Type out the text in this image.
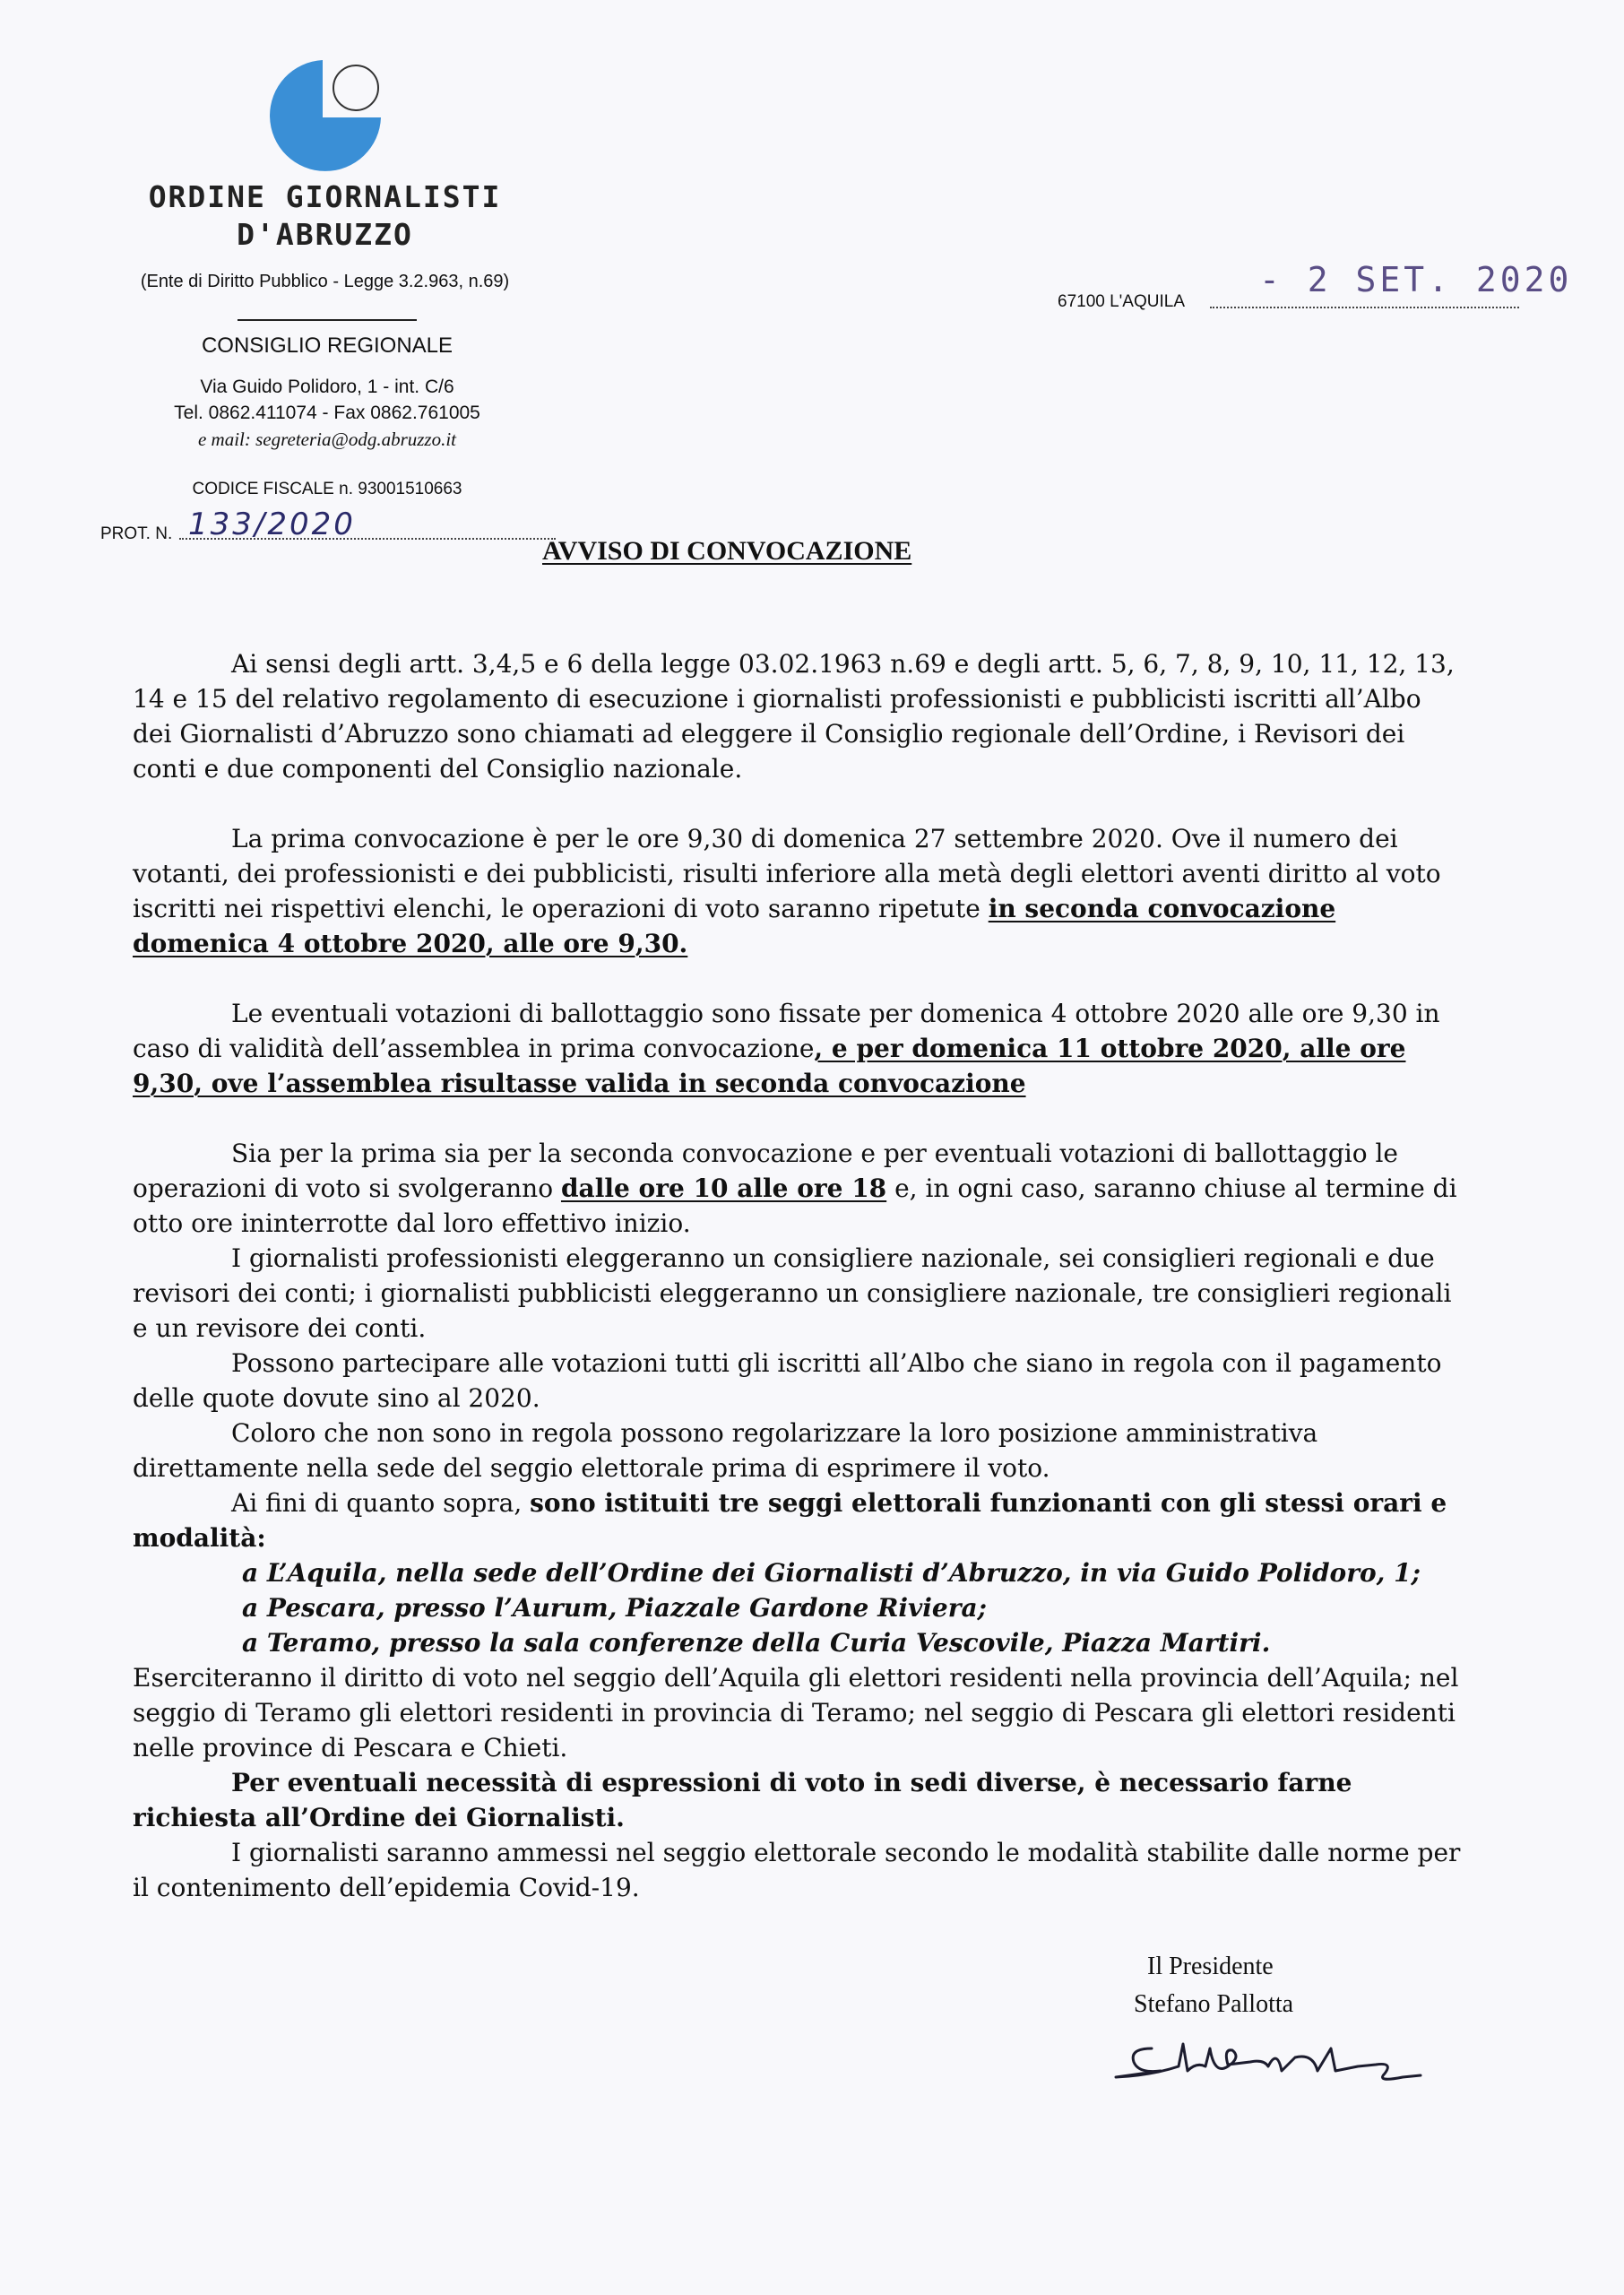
ORDINE GIORNALISTI
D'ABRUZZO
(Ente di Diritto Pubblico - Legge 3.2.963, n.69)
CONSIGLIO REGIONALE
Via Guido Polidoro, 1 - int. C/6
Tel. 0862.411074 - Fax 0862.761005
e mail: segreteria@odg.abruzzo.it
CODICE FISCALE n. 93001510663
PROT. N. 133/2020
67100 L'AQUILA
- 2 SET. 2020
AVVISO DI CONVOCAZIONE

Ai sensi degli artt. 3,4,5 e 6 della legge 03.02.1963 n.69 e degli artt. 5, 6, 7, 8, 9, 10, 11, 12, 13, 14 e 15 del relativo regolamento di esecuzione i giornalisti professionisti e pubblicisti iscritti all’Albo dei Giornalisti d’Abruzzo sono chiamati ad eleggere il Consiglio regionale dell’Ordine, i Revisori dei conti e due componenti del Consiglio nazionale.

La prima convocazione è per le ore 9,30 di domenica 27 settembre 2020. Ove il numero dei votanti, dei professionisti e dei pubblicisti, risulti inferiore alla metà degli elettori aventi diritto al voto iscritti nei rispettivi elenchi, le operazioni di voto saranno ripetute in seconda convocazione domenica 4 ottobre 2020, alle ore 9,30.

Le eventuali votazioni di ballottaggio sono fissate per domenica 4 ottobre 2020 alle ore 9,30 in caso di validità dell’assemblea in prima convocazione, e per domenica 11 ottobre 2020, alle ore 9,30, ove l’assemblea risultasse valida in seconda convocazione

Sia per la prima sia per la seconda convocazione e per eventuali votazioni di ballottaggio le operazioni di voto si svolgeranno dalle ore 10 alle ore 18 e, in ogni caso, saranno chiuse al termine di otto ore ininterrotte dal loro effettivo inizio.

I giornalisti professionisti eleggeranno un consigliere nazionale, sei consiglieri regionali e due revisori dei conti; i giornalisti pubblicisti eleggeranno un consigliere nazionale, tre consiglieri regionali e un revisore dei conti.

Possono partecipare alle votazioni tutti gli iscritti all’Albo che siano in regola con il pagamento delle quote dovute sino al 2020.

Coloro che non sono in regola possono regolarizzare la loro posizione amministrativa direttamente nella sede del seggio elettorale prima di esprimere il voto.

Ai fini di quanto sopra, sono istituiti tre seggi elettorali funzionanti con gli stessi orari e modalità:

a L’Aquila, nella sede dell’Ordine dei Giornalisti d’Abruzzo, in via Guido Polidoro, 1;

a Pescara, presso l’Aurum, Piazzale Gardone Riviera;

a Teramo, presso la sala conferenze della Curia Vescovile, Piazza Martiri.

Eserciteranno il diritto di voto nel seggio dell’Aquila gli elettori residenti nella provincia dell’Aquila; nel seggio di Teramo gli elettori residenti in provincia di Teramo; nel seggio di Pescara gli elettori residenti nelle province di Pescara e Chieti.

Per eventuali necessità di espressioni di voto in sedi diverse, è necessario farne richiesta all’Ordine dei Giornalisti.

I giornalisti saranno ammessi nel seggio elettorale secondo le modalità stabilite dalle norme per il contenimento dell’epidemia Covid-19.

Il Presidente
Stefano Pallotta
